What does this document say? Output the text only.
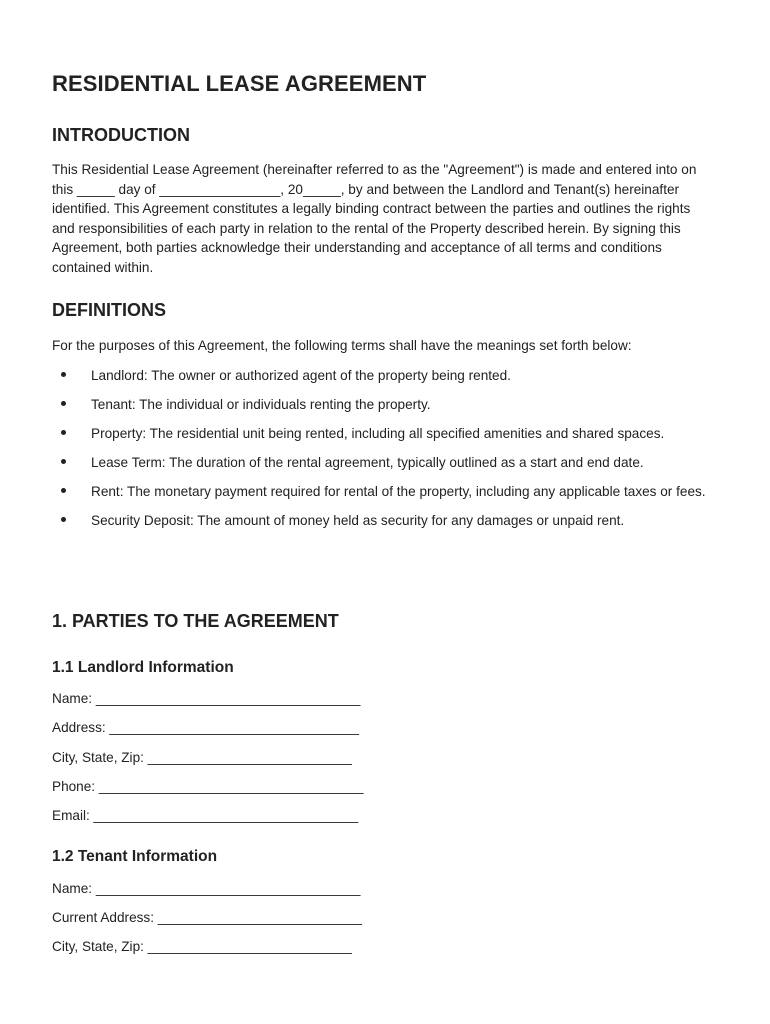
RESIDENTIAL LEASE AGREEMENT
INTRODUCTION

This Residential Lease Agreement (hereinafter referred to as the "Agreement") is made and entered into on this _____ day of ________________, 20_____, by and between the Landlord and Tenant(s) hereinafter identified. This Agreement constitutes a legally binding contract between the parties and outlines the rights and responsibilities of each party in relation to the rental of the Property described herein. By signing this Agreement, both parties acknowledge their understanding and acceptance of all terms and conditions contained within.

DEFINITIONS

For the purposes of this Agreement, the following terms shall have the meanings set forth below:

Landlord: The owner or authorized agent of the property being rented.
Tenant: The individual or individuals renting the property.
Property: The residential unit being rented, including all specified amenities and shared spaces.
Lease Term: The duration of the rental agreement, typically outlined as a start and end date.
Rent: The monetary payment required for rental of the property, including any applicable taxes or fees.
Security Deposit: The amount of money held as security for any damages or unpaid rent.
1. PARTIES TO THE AGREEMENT
1.1 Landlord Information

Name: ___________________________________

Address: _________________________________

City, State, Zip: ___________________________

Phone: ___________________________________

Email: ___________________________________

1.2 Tenant Information

Name: ___________________________________

Current Address: ___________________________

City, State, Zip: ___________________________
